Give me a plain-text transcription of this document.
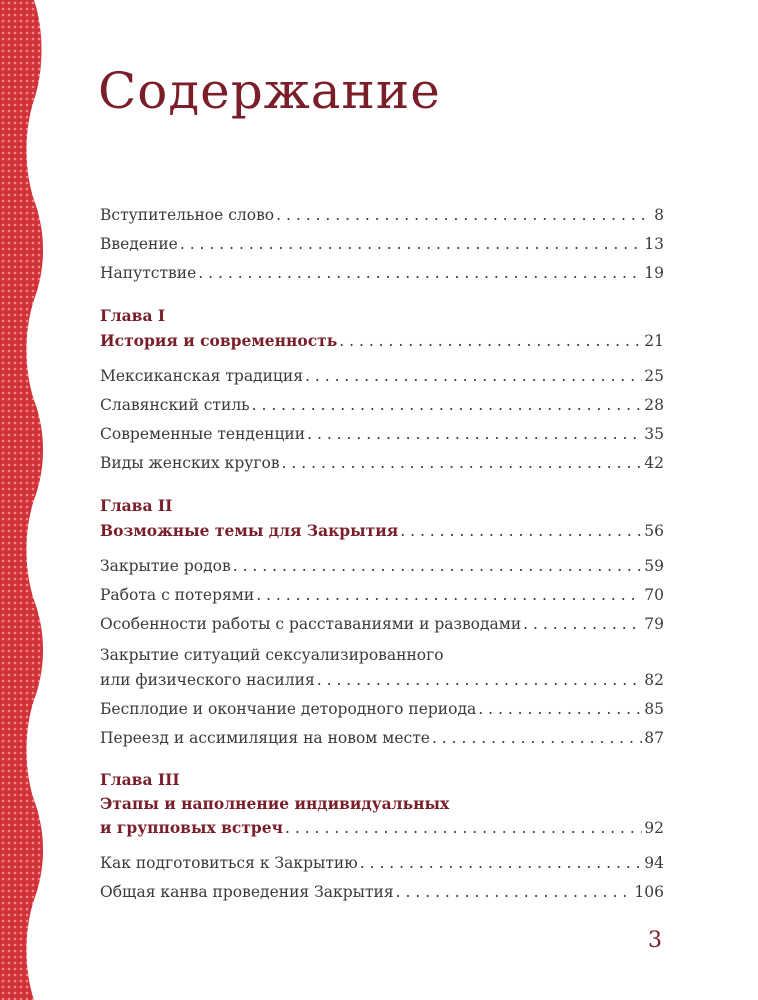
Содержание
Вступительное слово . . .	8
Введение . . .	13
Напутствие . . .	19
Глава I
История и современность . . .	21
Мексиканская традиция . . .	25
Славянский стиль . . .	28
Современные тенденции . . .	35
Виды женских кругов . . .	42
Глава II
Возможные темы для Закрытия . . .	56
Закрытие родов . . .	59
Работа с потерями . . .	70
Особенности работы с расставаниями и разводами . . .	79
Закрытие ситуаций сексуализированного
или физического насилия . . .	82
Бесплодие и окончание детородного периода . . .	85
Переезд и ассимиляция на новом месте . . .	87
Глава III
Этапы и наполнение индивидуальных
и групповых встреч . . .	92
Как подготовиться к Закрытию . . .	94
Общая канва проведения Закрытия . . .	106
3
